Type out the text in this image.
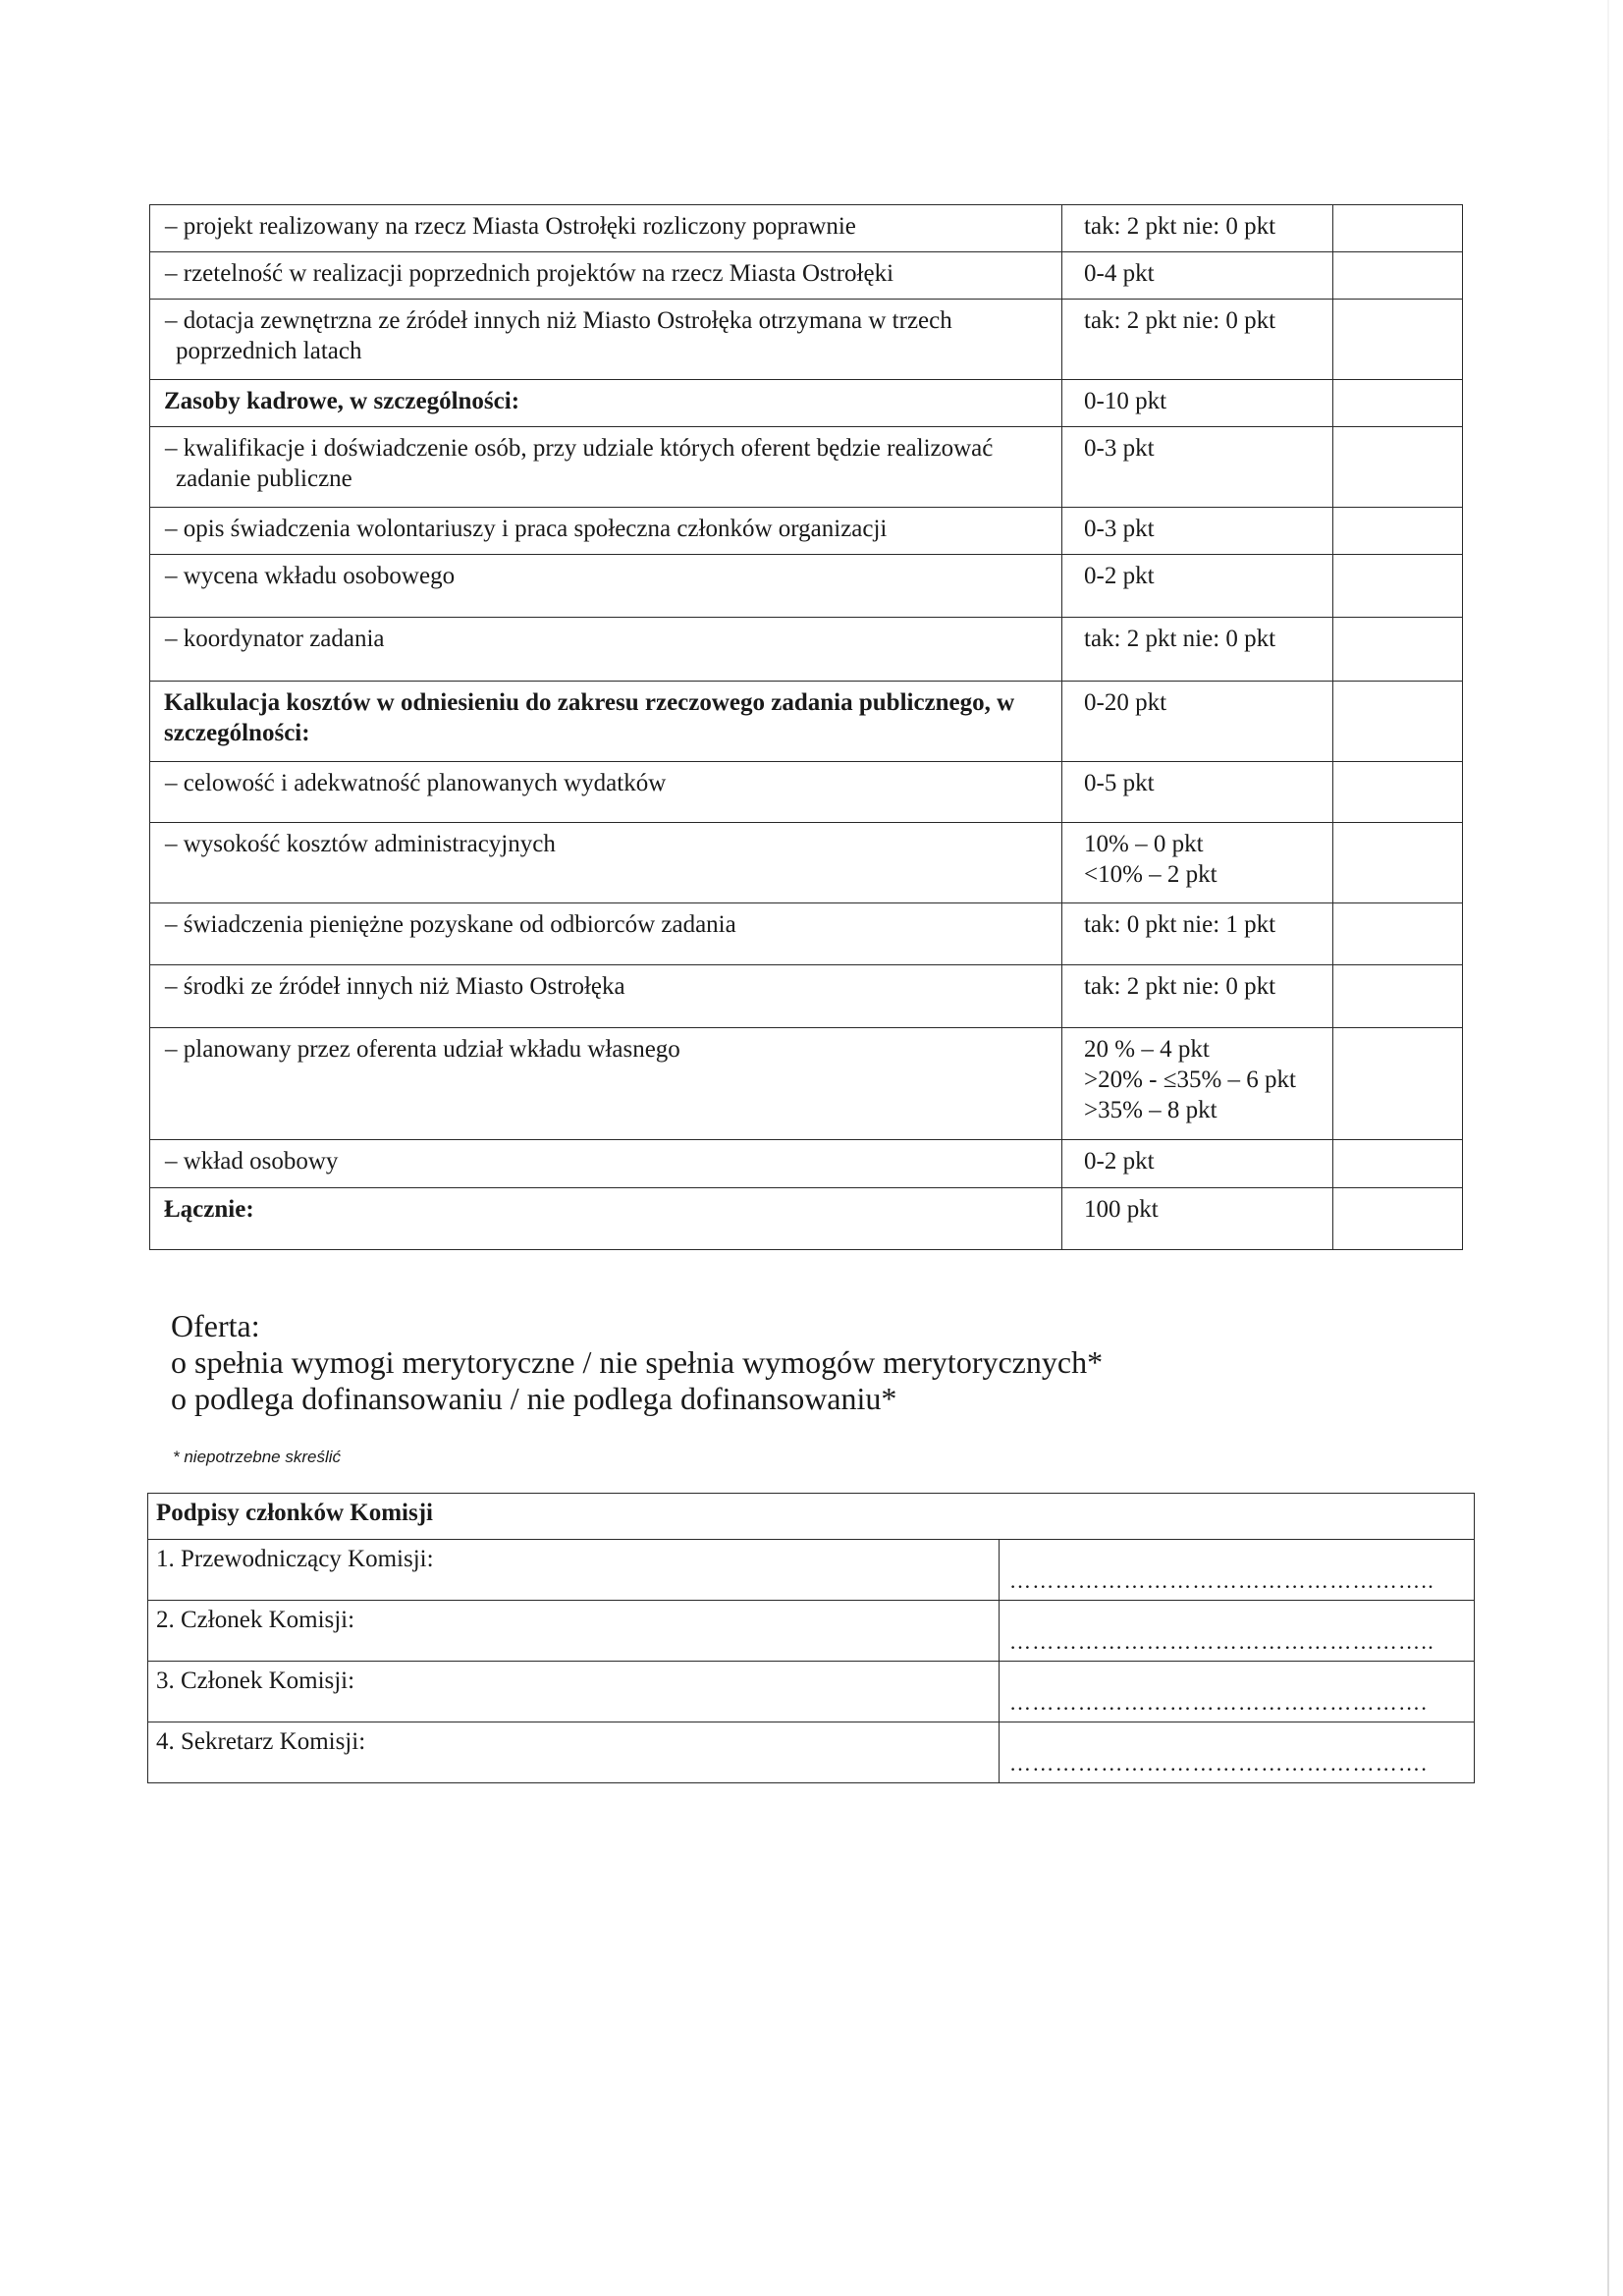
– projekt realizowany na rzecz Miasta Ostrołęki rozliczony poprawnie	tak: 2 pkt nie: 0 pkt	

– rzetelność w realizacji poprzednich projektów na rzecz Miasta Ostrołęki	0-4 pkt	

– dotacja zewnętrzna ze źródeł innych niż Miasto Ostrołęka otrzymana w trzech poprzednich latach	tak: 2 pkt nie: 0 pkt	

Zasoby kadrowe, w szczególności:	0-10 pkt	

– kwalifikacje i doświadczenie osób, przy udziale których oferent będzie realizować zadanie publiczne	0-3 pkt	

– opis świadczenia wolontariuszy i praca społeczna członków organizacji	0-3 pkt	

– wycena wkładu osobowego	0-2 pkt	

– koordynator zadania	tak: 2 pkt nie: 0 pkt	

Kalkulacja kosztów w odniesieniu do zakresu rzeczowego zadania publicznego, w szczególności:	0-20 pkt	

– celowość i adekwatność planowanych wydatków	0-5 pkt	

– wysokość kosztów administracyjnych	10% – 0 pkt
<10% – 2 pkt	

– świadczenia pieniężne pozyskane od odbiorców zadania	tak: 0 pkt nie: 1 pkt	

– środki ze źródeł innych niż Miasto Ostrołęka	tak: 2 pkt nie: 0 pkt	

– planowany przez oferenta udział wkładu własnego	20 % – 4 pkt
>20% - ≤35% – 6 pkt
>35% – 8 pkt	

– wkład osobowy	0-2 pkt	

Łącznie:	100 pkt	

Oferta:
o spełnia wymogi merytoryczne / nie spełnia wymogów merytorycznych*
o podlega dofinansowaniu / nie podlega dofinansowaniu*
* niepotrzebne skreślić
Podpisy członków Komisji	
1. Przewodniczący Komisji:	………………………………………………..
2. Członek Komisji:	………………………………………………..
3. Członek Komisji:	……………………………………………….
4. Sekretarz Komisji:	……………………………………………….
